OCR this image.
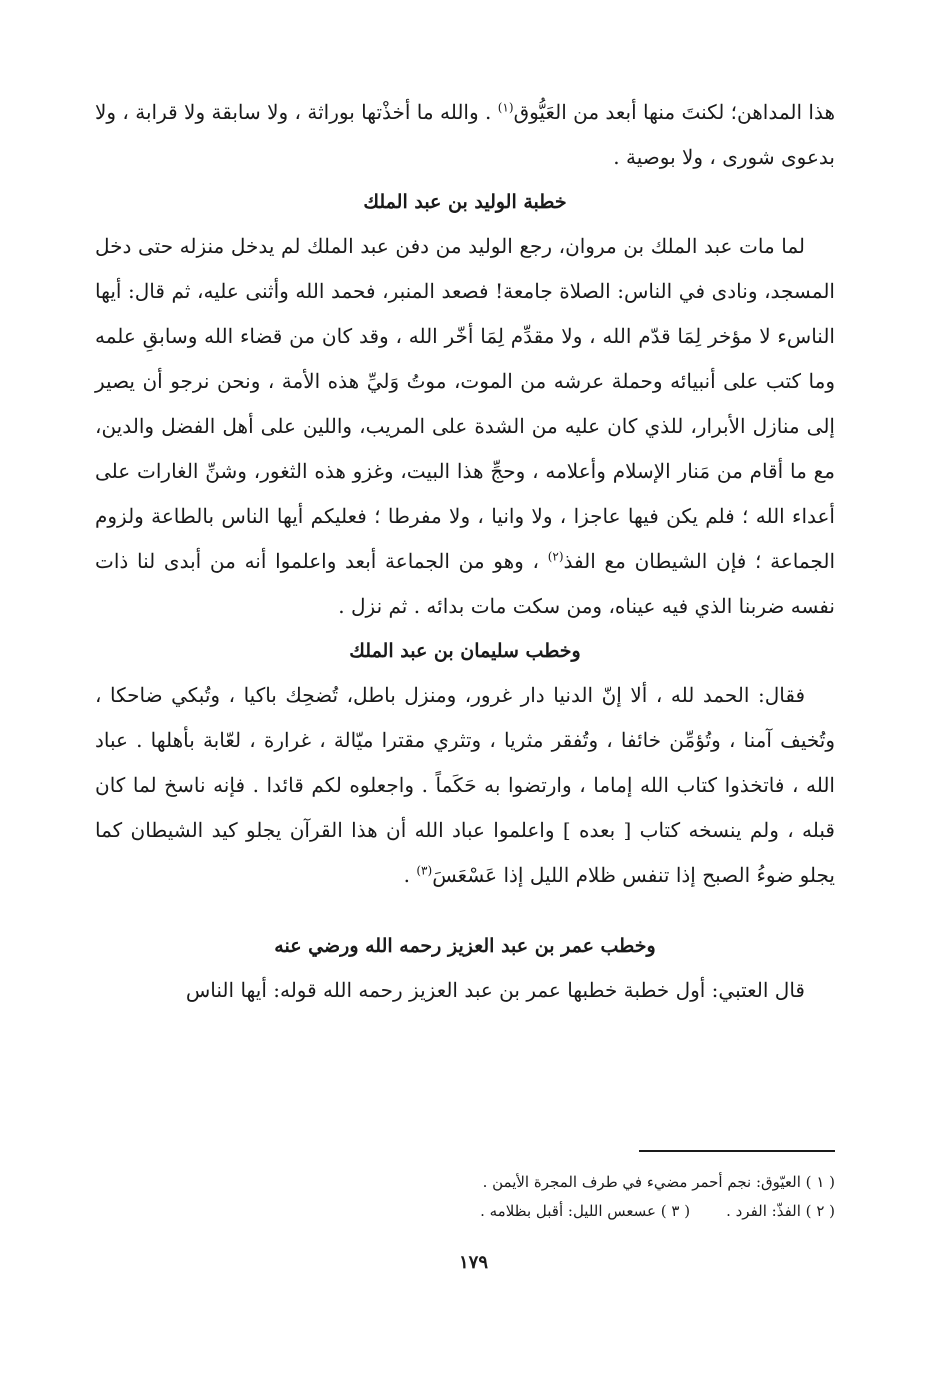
هذا المداهن؛ لكنتَ منها أبعد من العَيُّوق$^{(١)}$ . والله ما أخذْتها بوراثة ، ولا سابقة ولا قرابة ، ولا بدعوى شورى ، ولا بوصية .

خطبة الوليد بن عبد الملك

لما مات عبد الملك بن مروان، رجع الوليد من دفن عبد الملك لم يدخل منزله حتى دخل المسجد، ونادى في الناس: الصلاة جامعة! فصعد المنبر، فحمد الله وأثنى عليه، ثم قال: أيها الناسء لا مؤخر لِمَا قدّم الله ، ولا مقدِّم لِمَا أخّر الله ، وقد كان من قضاء الله وسابقِ علمه وما كتب على أنبيائه وحملة عرشه من الموت، موتُ وَليِّ هذه الأمة ، ونحن نرجو أن يصير إلى منازل الأبرار، للذي كان عليه من الشدة على المريب، واللين على أهل الفضل والدين، مع ما أقام من مَنار الإسلام وأعلامه ، وحجِّ هذا البيت، وغزو هذه الثغور، وشنِّ الغارات على أعداء الله ؛ فلم يكن فيها عاجزا ، ولا وانيا ، ولا مفرطا ؛ فعليكم أيها الناس بالطاعة ولزوم الجماعة ؛ فإن الشيطان مع الفذ$^{(٢)}$ ، وهو من الجماعة أبعد واعلموا أنه من أبدى لنا ذات نفسه ضربنا الذي فيه عيناه، ومن سكت مات بدائه . ثم نزل .

وخطب سليمان بن عبد الملك

فقال: الحمد لله ، ألا إنّ الدنيا دار غرور، ومنزل باطل، تُضحِك باكيا ، وتُبكي ضاحكا ، وتُخيف آمنا ، وتُؤمِّن خائفا ، وتُفقر مثريا ، وتثري مقترا ميّالة ، غرارة ، لعّابة بأهلها . عباد الله ، فاتخذوا كتاب الله إماما ، وارتضوا به حَكَماً . واجعلوه لكم قائدا . فإنه ناسخ لما كان قبله ، ولم ينسخه كتاب [ بعده ] واعلموا عباد الله أن هذا القرآن يجلو كيد الشيطان كما يجلو ضوءُ الصبح إذا تنفس ظلام الليل إذا عَسْعَسَ$^{(٣)}$ .

وخطب عمر بن عبد العزيز رحمه الله ورضي عنه

قال العتبي: أول خطبة خطبها عمر بن عبد العزيز رحمه الله قوله: أيها الناس

( ١ ) العيّوق: نجم أحمر مضيء في طرف المجرة الأيمن .
( ٢ ) الفذّ: الفرد .( ٣ ) عسعس الليل: أقبل بظلامه .
١٧٩
